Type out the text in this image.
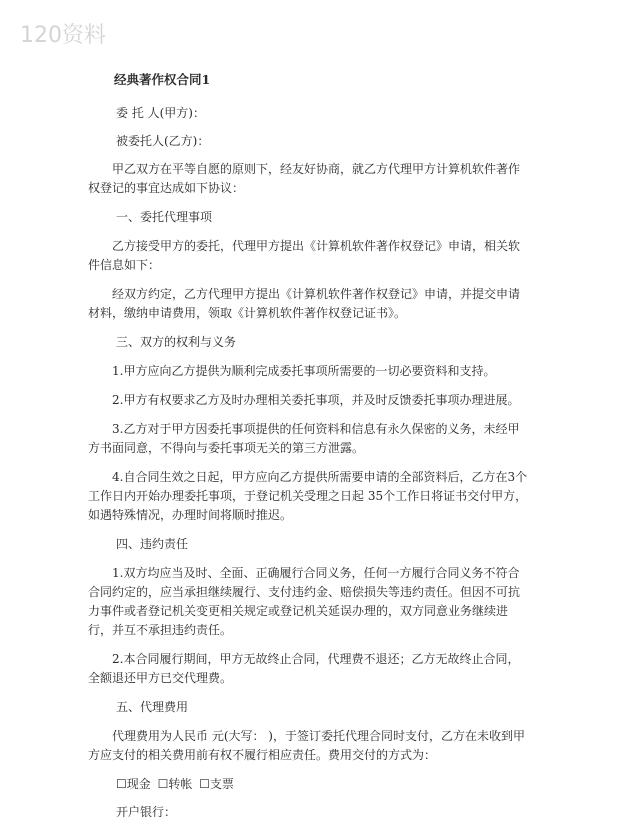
120资料
经典著作权合同1

委 托 人(甲方)：

被委托人(乙方)：

甲乙双方在平等自愿的原则下，经友好协商，就乙方代理甲方计算机软件著作权登记的事宜达成如下协议：

一、委托代理事项

乙方接受甲方的委托，代理甲方提出《计算机软件著作权登记》申请，相关软件信息如下：

经双方约定，乙方代理甲方提出《计算机软件著作权登记》申请，并提交申请材料，缴纳申请费用，领取《计算机软件著作权登记证书》。

三、双方的权利与义务

1.甲方应向乙方提供为顺利完成委托事项所需要的一切必要资料和支持。

2.甲方有权要求乙方及时办理相关委托事项，并及时反馈委托事项办理进展。

3.乙方对于甲方因委托事项提供的任何资料和信息有永久保密的义务，未经甲方书面同意，不得向与委托事项无关的第三方泄露。

4.自合同生效之日起，甲方应向乙方提供所需要申请的全部资料后，乙方在3个工作日内开始办理委托事项，于登记机关受理之日起 35个工作日将证书交付甲方，如遇特殊情况，办理时间将顺时推迟。

四、违约责任

1.双方均应当及时、全面、正确履行合同义务，任何一方履行合同义务不符合合同约定的，应当承担继续履行、支付违约金、赔偿损失等违约责任。但因不可抗力事件或者登记机关变更相关规定或登记机关延误办理的，双方同意业务继续进行，并互不承担违约责任。

2.本合同履行期间，甲方无故终止合同，代理费不退还；乙方无故终止合同，全额退还甲方已交代理费。

五、代理费用

代理费用为人民币 元(大写： )，于签订委托代理合同时支付，乙方在未收到甲方应支付的相关费用前有权不履行相应责任。费用交付的方式为：

☐现金 ☐转帐 ☐支票

开户银行：
